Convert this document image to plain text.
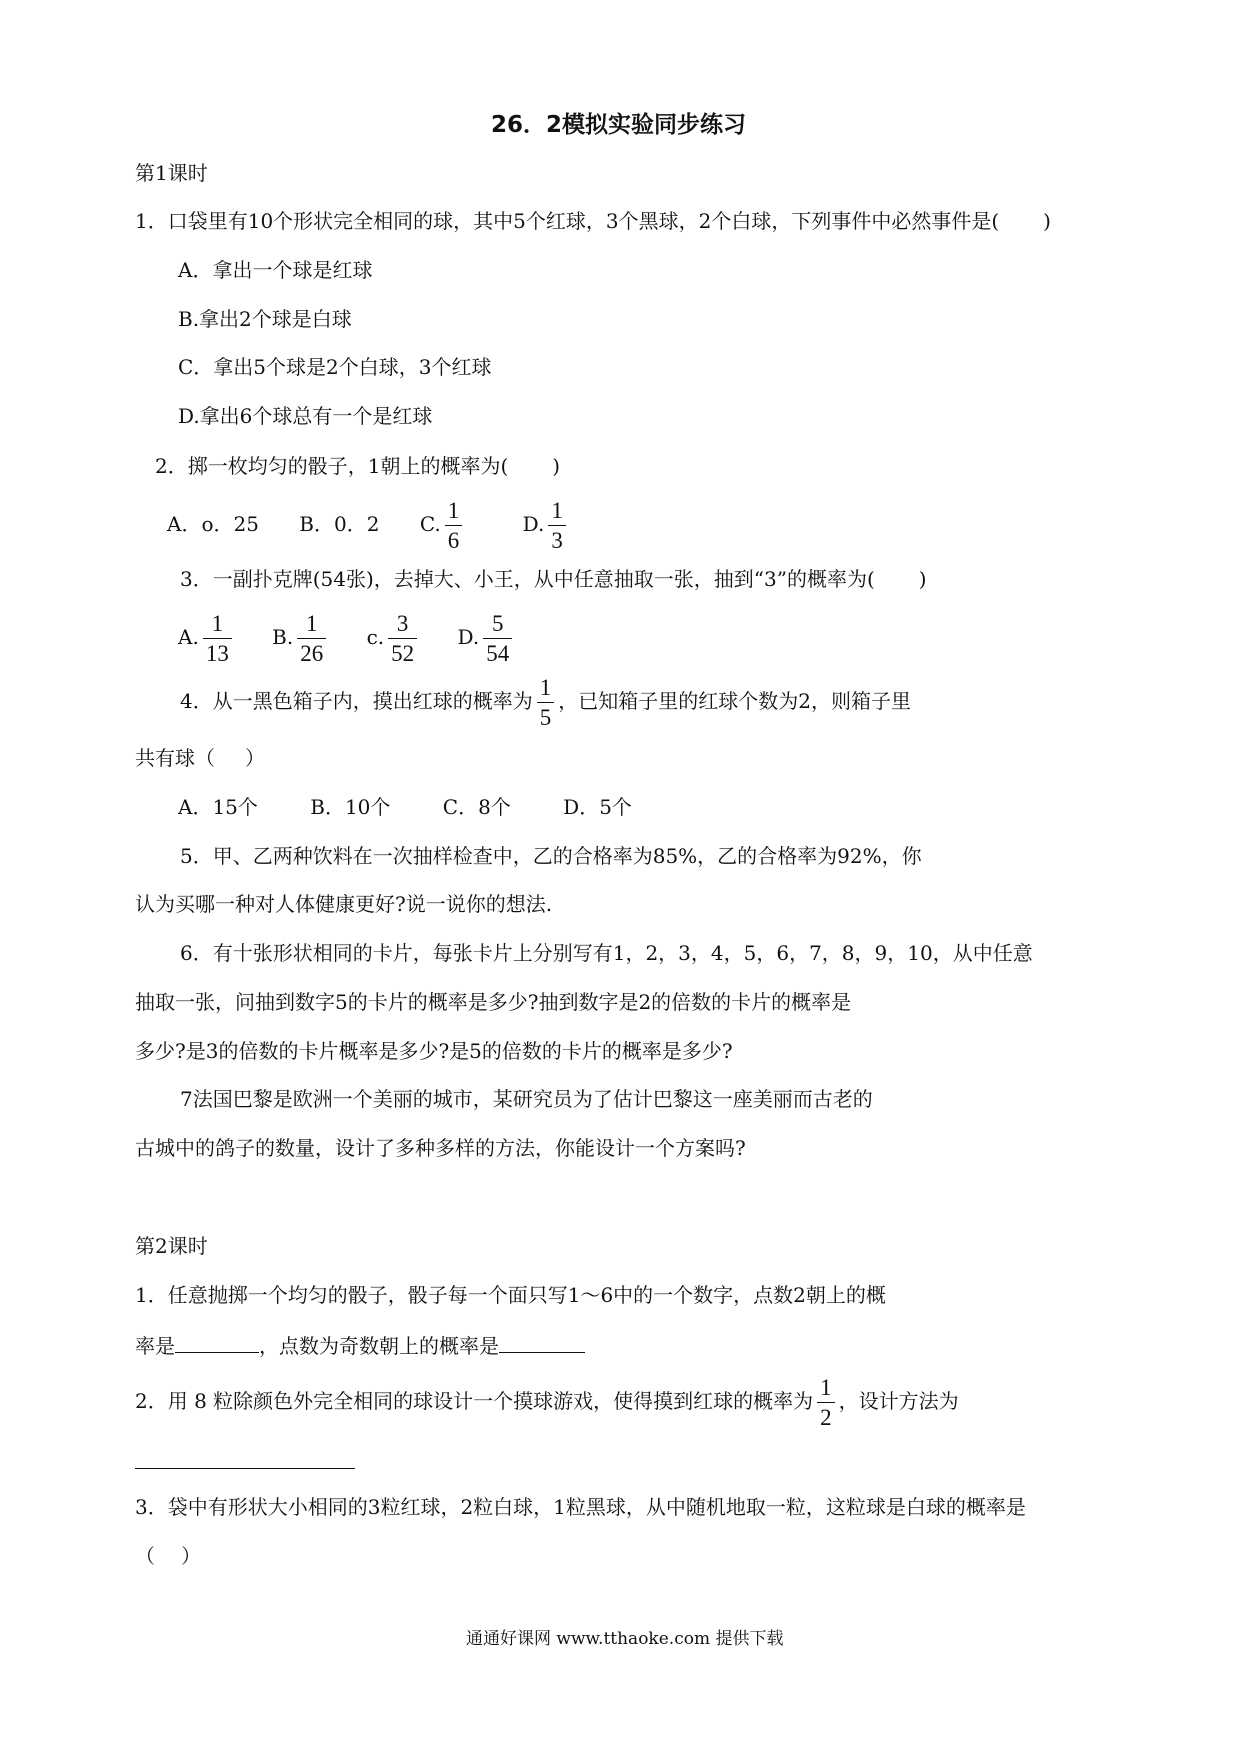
26．2模拟实验同步练习
第1课时
1．口袋里有10个形状完全相同的球，其中5个红球，3个黑球，2个白球，下列事件中必然事件是( )
A．拿出一个球是红球
B.拿出2个球是白球
C．拿出5个球是2个白球，3个红球
D.拿出6个球总有一个是红球
2．掷一枚均匀的骰子，1朝上的概率为( )
A．o．25 B．0．2 C. $\frac{1}{6}$	D. $\frac{1}{3}$
3．一副扑克牌(54张)，去掉大、小王，从中任意抽取一张，抽到“3”的概率为( )
A. $\frac{1}{13} B$. $\frac{1}{26} c$. $\frac{3}{52} D$. $\frac{5}{54}$
4．从一黑色箱子内，摸出红球的概率为 $\frac{1}{5}$ ，已知箱子里的红球个数为2，则箱子里
共有球（ ）
A．15个	B．10个	C．8个	D．5个
5．甲、乙两种饮料在一次抽样检查中，乙的合格率为85%，乙的合格率为92%，你
认为买哪一种对人体健康更好?说一说你的想法.
6．有十张形状相同的卡片，每张卡片上分别写有1，2，3，4，5，6，7，8，9，10，从中任意
抽取一张，问抽到数字5的卡片的概率是多少?抽到数字是2的倍数的卡片的概率是
多少?是3的倍数的卡片概率是多少?是5的倍数的卡片的概率是多少?
7法国巴黎是欧洲一个美丽的城市，某研究员为了估计巴黎这一座美丽而古老的
古城中的鸽子的数量，设计了多种多样的方法，你能设计一个方案吗?
第2课时
1．任意抛掷一个均匀的骰子，骰子每一个面只写1～6中的一个数字，点数2朝上的概
率是	，点数为奇数朝上的概率是
2．用 8 粒除颜色外完全相同的球设计一个摸球游戏，使得摸到红球的概率为 $\frac{1}{2}$ ，设计方法为
3．袋中有形状大小相同的3粒红球，2粒白球，1粒黑球，从中随机地取一粒，这粒球是白球的概率是
（ ）
通通好课网 www.tthaoke.com 提供下载
